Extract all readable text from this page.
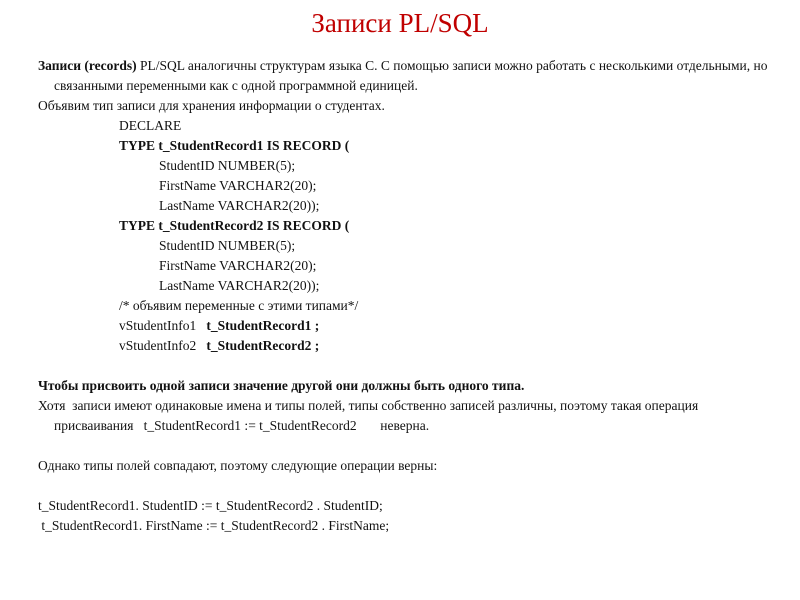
Записи PL/SQL

Записи (records) PL/SQL аналогичны структурам языка C. С помощью записи можно работать с несколькими отдельными, но связанными переменными как с одной программной единицей.

Объявим тип записи для хранения информации о студентах.

DECLARE

TYPE t_StudentRecord1 IS RECORD (

StudentID NUMBER(5);

FirstName VARCHAR2(20);

LastName VARCHAR2(20));

TYPE t_StudentRecord2 IS RECORD (

StudentID NUMBER(5);

FirstName VARCHAR2(20);

LastName VARCHAR2(20));

/* объявим переменные с этими типами*/

vStudentInfo1   t_StudentRecord1 ;

vStudentInfo2   t_StudentRecord2 ;

Чтобы присвоить одной записи значение другой они должны быть одного типа.

Хотя  записи имеют одинаковые имена и типы полей, типы собственно записей различны, поэтому такая операция присваивания   t_StudentRecord1 := t_StudentRecord2       неверна.

Однако типы полей совпадают, поэтому следующие операции верны:

t_StudentRecord1. StudentID := t_StudentRecord2 . StudentID;

t_StudentRecord1. FirstName := t_StudentRecord2 . FirstName;
